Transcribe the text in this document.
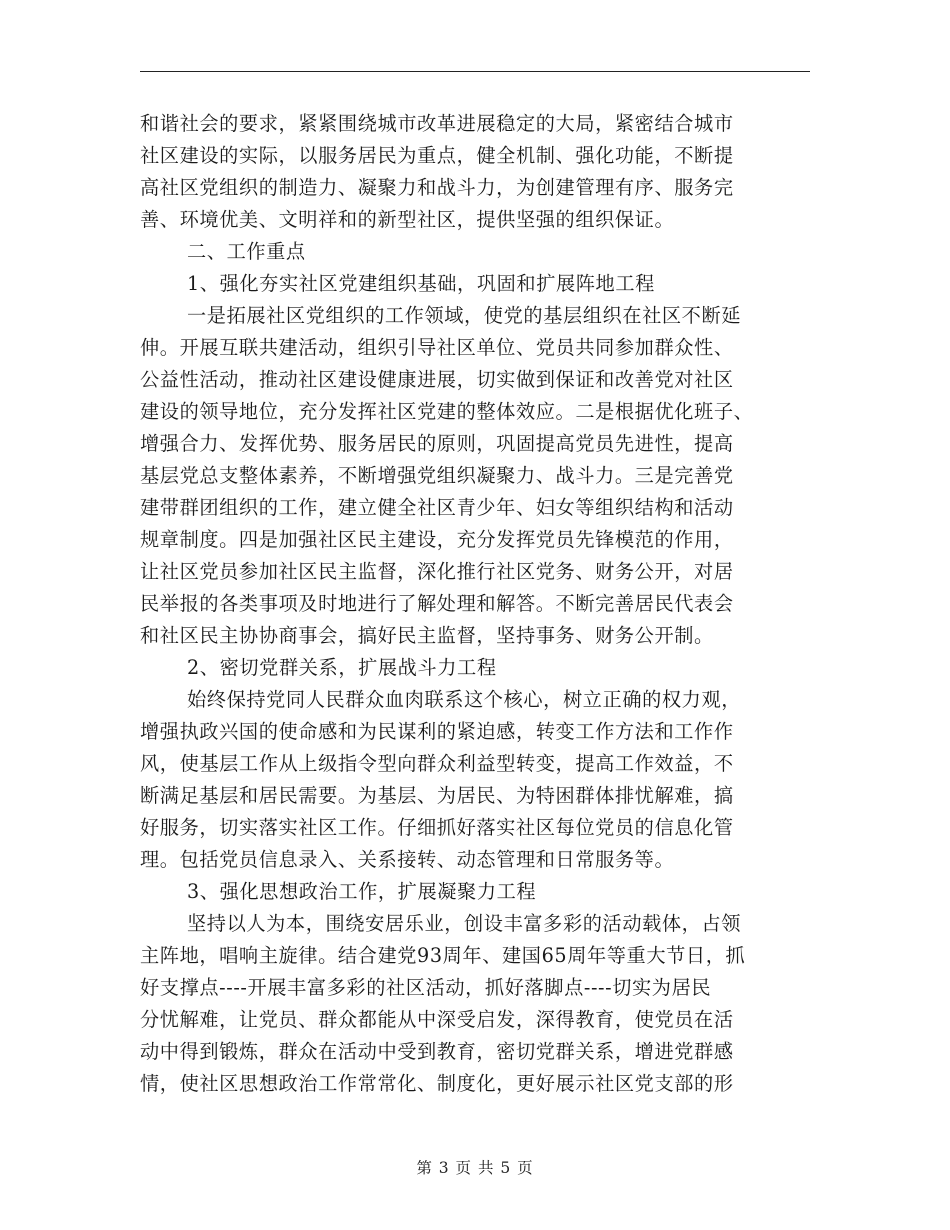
和谐社会的要求，紧紧围绕城市改革进展稳定的大局，紧密结合城市
社区建设的实际，以服务居民为重点，健全机制、强化功能，不断提
高社区党组织的制造力、凝聚力和战斗力，为创建管理有序、服务完
善、环境优美、文明祥和的新型社区，提供坚强的组织保证。
二、工作重点
1、强化夯实社区党建组织基础，巩固和扩展阵地工程
一是拓展社区党组织的工作领域，使党的基层组织在社区不断延
伸。开展互联共建活动，组织引导社区单位、党员共同参加群众性、
公益性活动，推动社区建设健康进展，切实做到保证和改善党对社区
建设的领导地位，充分发挥社区党建的整体效应。二是根据优化班子、
增强合力、发挥优势、服务居民的原则，巩固提高党员先进性，提高
基层党总支整体素养，不断增强党组织凝聚力、战斗力。三是完善党
建带群团组织的工作，建立健全社区青少年、妇女等组织结构和活动
规章制度。四是加强社区民主建设，充分发挥党员先锋模范的作用，
让社区党员参加社区民主监督，深化推行社区党务、财务公开，对居
民举报的各类事项及时地进行了解处理和解答。不断完善居民代表会
和社区民主协协商事会，搞好民主监督，坚持事务、财务公开制。
2、密切党群关系，扩展战斗力工程
始终保持党同人民群众血肉联系这个核心，树立正确的权力观，
增强执政兴国的使命感和为民谋利的紧迫感，转变工作方法和工作作
风，使基层工作从上级指令型向群众利益型转变，提高工作效益，不
断满足基层和居民需要。为基层、为居民、为特困群体排忧解难，搞
好服务，切实落实社区工作。仔细抓好落实社区每位党员的信息化管
理。包括党员信息录入、关系接转、动态管理和日常服务等。
3、强化思想政治工作，扩展凝聚力工程
坚持以人为本，围绕安居乐业，创设丰富多彩的活动载体，占领
主阵地，唱响主旋律。结合建党93周年、建国65周年等重大节日，抓
好支撑点----开展丰富多彩的社区活动，抓好落脚点----切实为居民
分忧解难，让党员、群众都能从中深受启发，深得教育，使党员在活
动中得到锻炼，群众在活动中受到教育，密切党群关系，增进党群感
情，使社区思想政治工作常常化、制度化，更好展示社区党支部的形
第 3 页 共 5 页
